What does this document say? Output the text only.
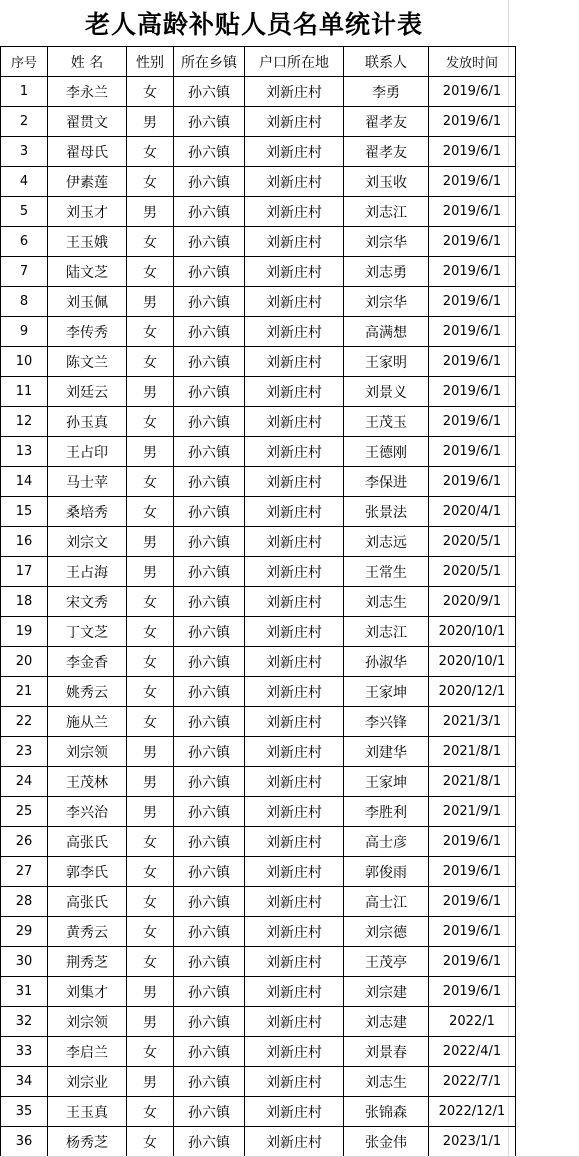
老人高龄补贴人员名单统计表
序号	姓 名	性别	所在乡镇	户口所在地	联系人	发放时间
1	李永兰	女	孙六镇	刘新庄村	李勇	2019/6/1
2	翟贯文	男	孙六镇	刘新庄村	翟孝友	2019/6/1
3	翟母氏	女	孙六镇	刘新庄村	翟孝友	2019/6/1
4	伊素莲	女	孙六镇	刘新庄村	刘玉收	2019/6/1
5	刘玉才	男	孙六镇	刘新庄村	刘志江	2019/6/1
6	王玉娥	女	孙六镇	刘新庄村	刘宗华	2019/6/1
7	陆文芝	女	孙六镇	刘新庄村	刘志勇	2019/6/1
8	刘玉佩	男	孙六镇	刘新庄村	刘宗华	2019/6/1
9	李传秀	女	孙六镇	刘新庄村	高满想	2019/6/1
10	陈文兰	女	孙六镇	刘新庄村	王家明	2019/6/1
11	刘廷云	男	孙六镇	刘新庄村	刘景义	2019/6/1
12	孙玉真	女	孙六镇	刘新庄村	王茂玉	2019/6/1
13	王占印	男	孙六镇	刘新庄村	王德刚	2019/6/1
14	马士苹	女	孙六镇	刘新庄村	李保进	2019/6/1
15	桑培秀	女	孙六镇	刘新庄村	张景法	2020/4/1
16	刘宗文	男	孙六镇	刘新庄村	刘志远	2020/5/1
17	王占海	男	孙六镇	刘新庄村	王常生	2020/5/1
18	宋文秀	女	孙六镇	刘新庄村	刘志生	2020/9/1
19	丁文芝	女	孙六镇	刘新庄村	刘志江	2020/10/1
20	李金香	女	孙六镇	刘新庄村	孙淑华	2020/10/1
21	姚秀云	女	孙六镇	刘新庄村	王家坤	2020/12/1
22	施从兰	女	孙六镇	刘新庄村	李兴锋	2021/3/1
23	刘宗领	男	孙六镇	刘新庄村	刘建华	2021/8/1
24	王茂林	男	孙六镇	刘新庄村	王家坤	2021/8/1
25	李兴治	男	孙六镇	刘新庄村	李胜利	2021/9/1
26	高张氏	女	孙六镇	刘新庄村	高士彦	2019/6/1
27	郭李氏	女	孙六镇	刘新庄村	郭俊雨	2019/6/1
28	高张氏	女	孙六镇	刘新庄村	高士江	2019/6/1
29	黄秀云	女	孙六镇	刘新庄村	刘宗德	2019/6/1
30	荆秀芝	女	孙六镇	刘新庄村	王茂亭	2019/6/1
31	刘集才	男	孙六镇	刘新庄村	刘宗建	2019/6/1
32	刘宗领	男	孙六镇	刘新庄村	刘志建	2022/1
33	李启兰	女	孙六镇	刘新庄村	刘景春	2022/4/1
34	刘宗业	男	孙六镇	刘新庄村	刘志生	2022/7/1
35	王玉真	女	孙六镇	刘新庄村	张锦森	2022/12/1
36	杨秀芝	女	孙六镇	刘新庄村	张金伟	2023/1/1
